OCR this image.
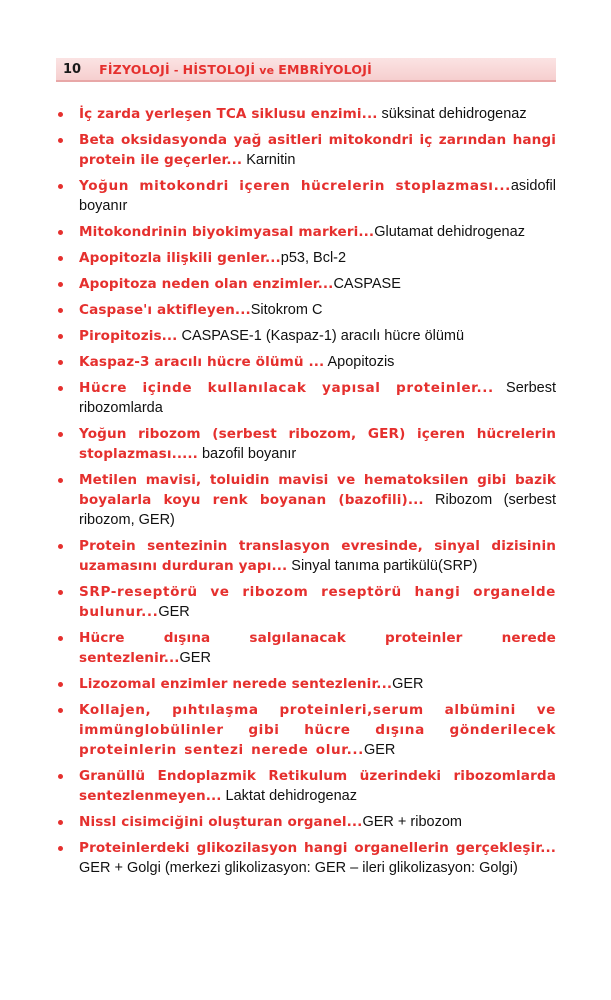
10 FİZYOLOJİ - HİSTOLOJİ ve EMBRİYOLOJİ
İç zarda yerleşen TCA siklusu enzimi... süksinat dehidrogenaz
Beta oksidasyonda yağ asitleri mitokondri iç zarından hangi protein ile geçerler... Karnitin
Yoğun mitokondri içeren hücrelerin stoplazması...asidofil boyanır
Mitokondrinin biyokimyasal markeri...Glutamat dehidrogenaz
Apopitozla ilişkili genler...p53, Bcl-2
Apopitoza neden olan enzimler...CASPASE
Caspase'ı aktifleyen...Sitokrom C
Piropitozis... CASPASE-1 (Kaspaz-1) aracılı hücre ölümü
Kaspaz-3 aracılı hücre ölümü ... Apopitozis
Hücre içinde kullanılacak yapısal proteinler... Serbest ribozomlarda
Yoğun ribozom (serbest ribozom, GER) içeren hücrelerin stoplazması..... bazofil boyanır
Metilen mavisi, toluidin mavisi ve hematoksilen gibi bazik boyalarla koyu renk boyanan (bazofili)... Ribozom (serbest ribozom, GER)
Protein sentezinin translasyon evresinde, sinyal dizisinin uzamasını durduran yapı... Sinyal tanıma partikülü(SRP)
SRP-reseptörü ve ribozom reseptörü hangi organelde bulunur...GER
Hücre dışına salgılanacak proteinler nerede sentezlenir...GER
Lizozomal enzimler nerede sentezlenir...GER
Kollajen, pıhtılaşma proteinleri,serum albümini ve immünglobülinler gibi hücre dışına gönderilecek proteinlerin sentezi nerede olur...GER
Granüllü Endoplazmik Retikulum üzerindeki ribozomlarda sentezlenmeyen... Laktat dehidrogenaz
Nissl cisimciğini oluşturan organel...GER + ribozom
Proteinlerdeki glikozilasyon hangi organellerin gerçekleşir... GER + Golgi (merkezi glikolizasyon: GER – ileri glikolizasyon: Golgi)
